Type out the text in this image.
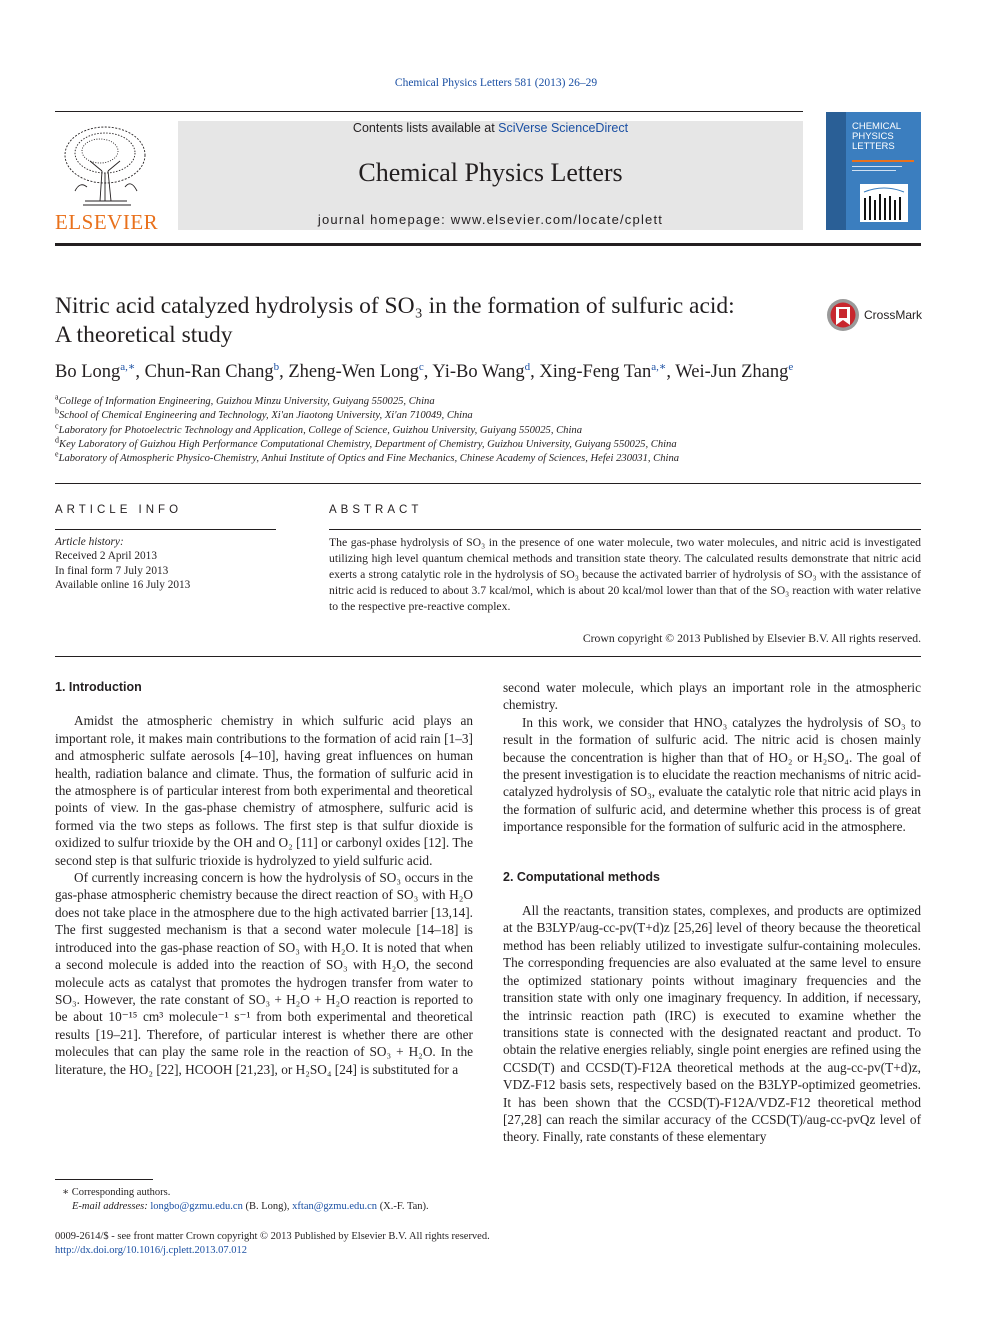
Chemical Physics Letters 581 (2013) 26–29
ELSEVIER
Contents lists available at SciVerse ScienceDirect
Chemical Physics Letters
journal homepage: www.elsevier.com/locate/cplett
CHEMICAL
PHYSICS
LETTERS
Nitric acid catalyzed hydrolysis of SO₃ in the formation of sulfuric acid:
A theoretical study
CrossMark
Bo Long$^{a,∗}$, Chun-Ran Chang$^b$, Zheng-Wen Long$^c$, Yi-Bo Wang$^d$, Xing-Feng Tan$^{a,∗}$, Wei-Jun Zhang$^e$
$^a$College of Information Engineering, Guizhou Minzu University, Guiyang 550025, China
$^b$School of Chemical Engineering and Technology, Xi'an Jiaotong University, Xi'an 710049, China
$^c$Laboratory for Photoelectric Technology and Application, College of Science, Guizhou University, Guiyang 550025, China
$^d$Key Laboratory of Guizhou High Performance Computational Chemistry, Department of Chemistry, Guizhou University, Guiyang 550025, China
$^e$Laboratory of Atmospheric Physico-Chemistry, Anhui Institute of Optics and Fine Mechanics, Chinese Academy of Sciences, Hefei 230031, China
ARTICLE INFO
Article history:
Received 2 April 2013
In final form 7 July 2013
Available online 16 July 2013
ABSTRACT
The gas-phase hydrolysis of SO₃ in the presence of one water molecule, two water molecules, and nitric acid is investigated utilizing high level quantum chemical methods and transition state theory. The calculated results demonstrate that nitric acid exerts a strong catalytic role in the hydrolysis of SO₃ because the activated barrier of hydrolysis of SO₃ with the assistance of nitric acid is reduced to about 3.7 kcal/mol, which is about 20 kcal/mol lower than that of the SO₃ reaction with water relative to the respective pre-reactive complex.
Crown copyright © 2013 Published by Elsevier B.V. All rights reserved.
1. Introduction

Amidst the atmospheric chemistry in which sulfuric acid plays an important role, it makes main contributions to the formation of acid rain [1–3] and atmospheric sulfate aerosols [4–10], having great influences on human health, radiation balance and climate. Thus, the formation of sulfuric acid in the atmosphere is of particular interest from both experimental and theoretical points of view. In the gas-phase chemistry of atmosphere, sulfuric acid is formed via the two steps as follows. The first step is that sulfur dioxide is oxidized to sulfur trioxide by the OH and O₂ [11] or carbonyl oxides [12]. The second step is that sulfuric trioxide is hydrolyzed to yield sulfuric acid.

Of currently increasing concern is how the hydrolysis of SO₃ occurs in the gas-phase atmospheric chemistry because the direct reaction of SO₃ with H₂O does not take place in the atmosphere due to the high activated barrier [13,14]. The first suggested mechanism is that a second water molecule [14–18] is introduced into the gas-phase reaction of SO₃ with H₂O. It is noted that when a second molecule is added into the reaction of SO₃ with H₂O, the second molecule acts as catalyst that promotes the hydrogen transfer from water to SO₃. However, the rate constant of SO₃ + H₂O + H₂O reaction is reported to be about 10⁻¹⁵ cm³ molecule⁻¹ s⁻¹ from both experimental and theoretical results [19–21]. Therefore, of particular interest is whether there are other molecules that can play the same role in the reaction of SO₃ + H₂O. In the literature, the HO₂ [22], HCOOH [21,23], or H₂SO₄ [24] is substituted for a

second water molecule, which plays an important role in the atmospheric chemistry.

In this work, we consider that HNO₃ catalyzes the hydrolysis of SO₃ to result in the formation of sulfuric acid. The nitric acid is chosen mainly because the concentration is higher than that of HO₂ or H₂SO₄. The goal of the present investigation is to elucidate the reaction mechanisms of nitric acid-catalyzed hydrolysis of SO₃, evaluate the catalytic role that nitric acid plays in the formation of sulfuric acid, and determine whether this process is of great importance responsible for the formation of sulfuric acid in the atmosphere.

2. Computational methods

All the reactants, transition states, complexes, and products are optimized at the B3LYP/aug-cc-pv(T+d)z [25,26] level of theory because the theoretical method has been reliably utilized to investigate sulfur-containing molecules. The corresponding frequencies are also evaluated at the same level to ensure the optimized stationary points without imaginary frequencies and the transition state with only one imaginary frequency. In addition, if necessary, the intrinsic reaction path (IRC) is executed to examine whether the transitions state is connected with the designated reactant and product. To obtain the relative energies reliably, single point energies are refined using the CCSD(T) and CCSD(T)-F12A theoretical methods at the aug-cc-pv(T+d)z, VDZ-F12 basis sets, respectively based on the B3LYP-optimized geometries. It has been shown that the CCSD(T)-F12A/VDZ-F12 theoretical method [27,28] can reach the similar accuracy of the CCSD(T)/aug-cc-pvQz level of theory. Finally, rate constants of these elementary

∗ Corresponding authors.
E-mail addresses: longbo@gzmu.edu.cn (B. Long), xftan@gzmu.edu.cn (X.-F. Tan).
0009-2614/$ - see front matter Crown copyright © 2013 Published by Elsevier B.V. All rights reserved.
http://dx.doi.org/10.1016/j.cplett.2013.07.012
